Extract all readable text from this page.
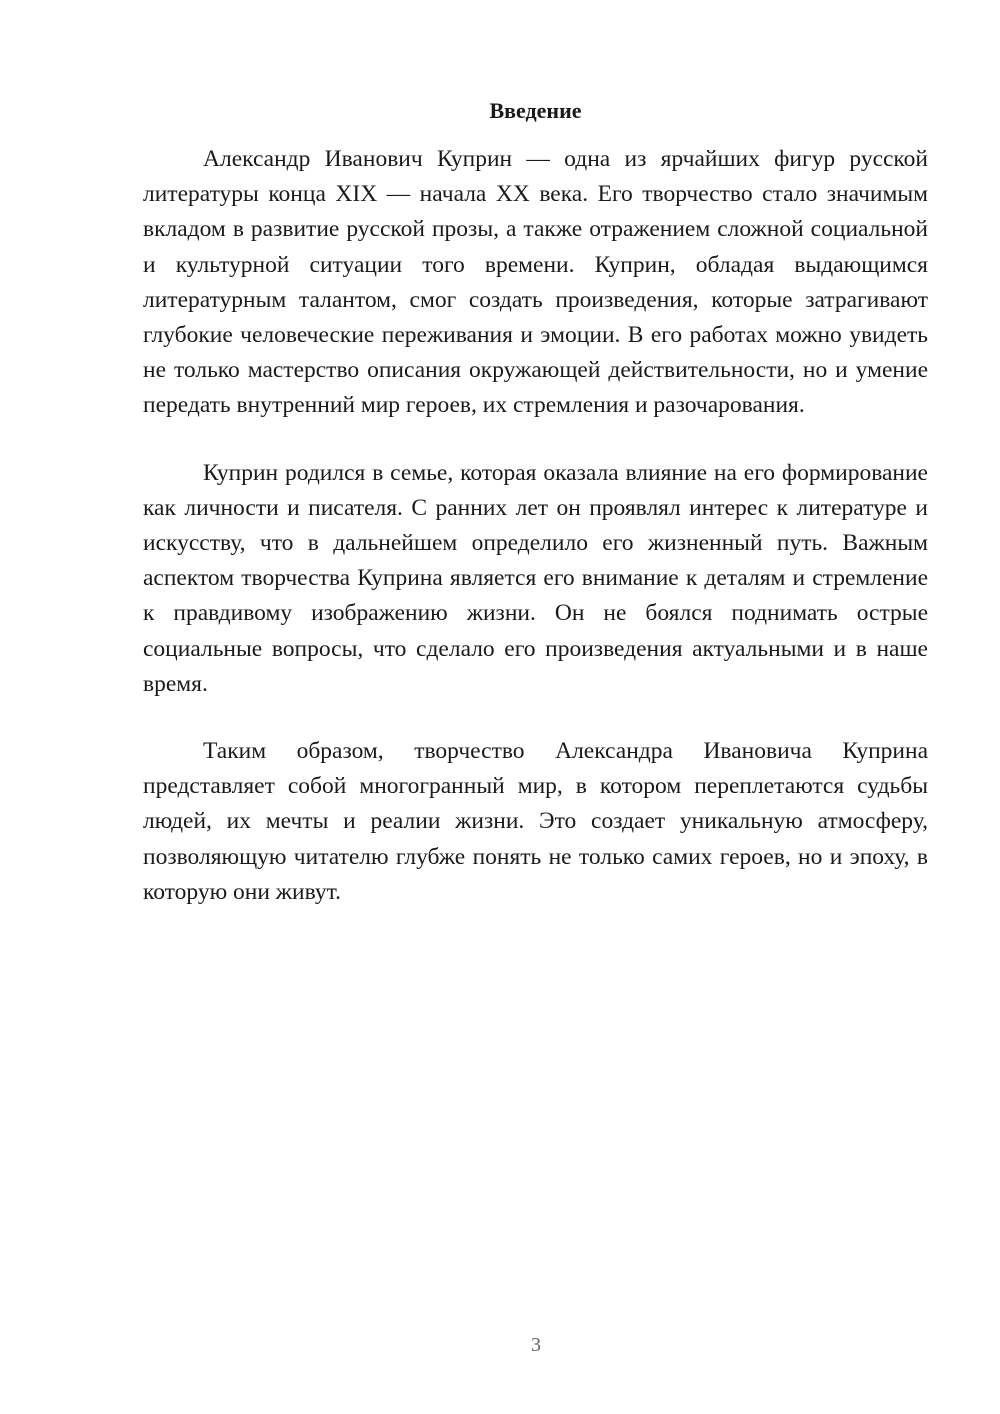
Введение

Александр Иванович Куприн — одна из ярчайших фигур русской литературы конца XIX — начала XX века. Его творчество стало значимым вкладом в развитие русской прозы, а также отражением сложной социальной и культурной ситуации того времени. Куприн, обладая выдающимся литературным талантом, смог создать произведения, которые затрагивают глубокие человеческие переживания и эмоции. В его работах можно увидеть не только мастерство описания окружающей действительности, но и умение передать внутренний мир героев, их стремления и разочарования.

Куприн родился в семье, которая оказала влияние на его формирование как личности и писателя. С ранних лет он проявлял интерес к литературе и искусству, что в дальнейшем определило его жизненный путь. Важным аспектом творчества Куприна является его внимание к деталям и стремление к правдивому изображению жизни. Он не боялся поднимать острые социальные вопросы, что сделало его произведения актуальными и в наше время.

Таким образом, творчество Александра Ивановича Куприна представляет собой многогранный мир, в котором переплетаются судьбы людей, их мечты и реалии жизни. Это создает уникальную атмосферу, позволяющую читателю глубже понять не только самих героев, но и эпоху, в которую они живут.

3
